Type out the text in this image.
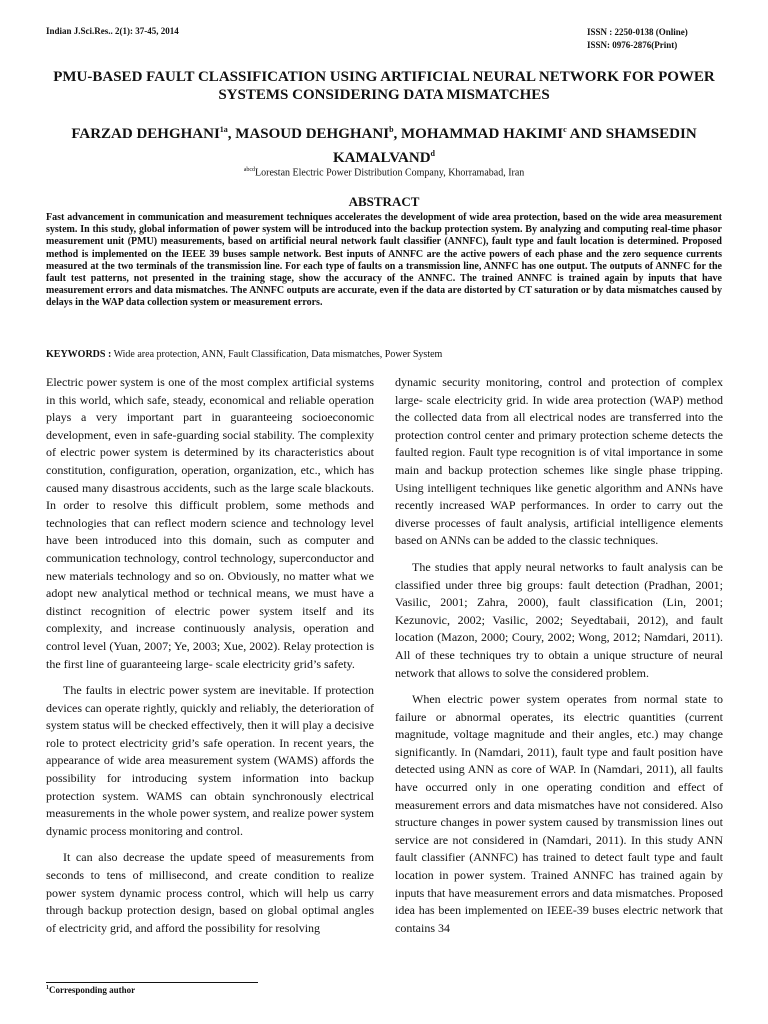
Indian J.Sci.Res.. 2(1): 37-45, 2014	ISSN : 2250-0138 (Online)
ISSN: 0976-2876(Print)
PMU-BASED FAULT CLASSIFICATION USING ARTIFICIAL NEURAL NETWORK FOR POWER
SYSTEMS CONSIDERING DATA MISMATCHES
FARZAD $DEHGHANI^{1a}$, MASOUD DEHGHANI$^b$, MOHAMMAD HAKIMI$^c$ AND SHAMSEDIN
KAMALVAND$^d$
$^{abcd}$Lorestan Electric Power Distribution Company, Khorramabad, Iran
ABSTRACT
Fast advancement in communication and measurement techniques accelerates the development of wide area protection, based on the wide area measurement system. In this study, global information of power system will be introduced into the backup protection system. By analyzing and computing real-time phasor measurement unit (PMU) measurements, based on artificial neural network fault classifier (ANNFC), fault type and fault location is determined. Proposed method is implemented on the IEEE 39 buses sample network. Best inputs of ANNFC are the active powers of each phase and the zero sequence currents measured at the two terminals of the transmission line. For each type of faults on a transmission line, ANNFC has one output. The outputs of ANNFC for the fault test patterns, not presented in the training stage, show the accuracy of the ANNFC. The trained ANNFC is trained again by inputs that have measurement errors and data mismatches. The ANNFC outputs are accurate, even if the data are distorted by CT saturation or by data mismatches caused by delays in the WAP data collection system or measurement errors.
KEYWORDS : Wide area protection, ANN, Fault Classification, Data mismatches, Power System

Electric power system is one of the most complex artificial systems in this world, which safe, steady, economical and reliable operation plays a very important part in guaranteeing socioeconomic development, even in safe-guarding social stability. The complexity of electric power system is determined by its characteristics about constitution, configuration, operation, organization, etc., which has caused many disastrous accidents, such as the large scale blackouts. In order to resolve this difficult problem, some methods and technologies that can reflect modern science and technology level have been introduced into this domain, such as computer and communication technology, control technology, superconductor and new materials technology and so on. Obviously, no matter what we adopt new analytical method or technical means, we must have a distinct recognition of electric power system itself and its complexity, and increase continuously analysis, operation and control level (Yuan, 2007; Ye, 2003; Xue, 2002). Relay protection is the first line of guaranteeing large- scale electricity grid’s safety.

The faults in electric power system are inevitable. If protection devices can operate rightly, quickly and reliably, the deterioration of system status will be checked effectively, then it will play a decisive role to protect electricity grid’s safe operation. In recent years, the appearance of wide area measurement system (WAMS) affords the possibility for introducing system information into backup protection system. WAMS can obtain synchronously electrical measurements in the whole power system, and realize power system dynamic process monitoring and control.

It can also decrease the update speed of measurements from seconds to tens of millisecond, and create condition to realize power system dynamic process control, which will help us carry through backup protection design, based on global optimal angles of electricity grid, and afford the possibility for resolving

dynamic security monitoring, control and protection of complex large- scale electricity grid. In wide area protection (WAP) method the collected data from all electrical nodes are transferred into the protection control center and primary protection scheme detects the faulted region. Fault type recognition is of vital importance in some main and backup protection schemes like single phase tripping. Using intelligent techniques like genetic algorithm and ANNs have recently increased WAP performances. In order to carry out the diverse processes of fault analysis, artificial intelligence elements based on ANNs can be added to the classic techniques.

The studies that apply neural networks to fault analysis can be classified under three big groups: fault detection (Pradhan, 2001; Vasilic, 2001; Zahra, 2000), fault classification (Lin, 2001; Kezunovic, 2002; Vasilic, 2002; Seyedtabaii, 2012), and fault location (Mazon, 2000; Coury, 2002; Wong, 2012; Namdari, 2011). All of these techniques try to obtain a unique structure of neural network that allows to solve the considered problem.

When electric power system operates from normal state to failure or abnormal operates, its electric quantities (current magnitude, voltage magnitude and their angles, etc.) may change significantly. In (Namdari, 2011), fault type and fault position have detected using ANN as core of WAP. In (Namdari, 2011), all faults have occurred only in one operating condition and effect of measurement errors and data mismatches have not considered. Also structure changes in power system caused by transmission lines out service are not considered in (Namdari, 2011). In this study ANN fault classifier (ANNFC) has trained to detect fault type and fault location in power system. Trained ANNFC has trained again by inputs that have measurement errors and data mismatches. Proposed idea has been implemented on IEEE-39 buses electric network that contains 34

$^1$Corresponding author
